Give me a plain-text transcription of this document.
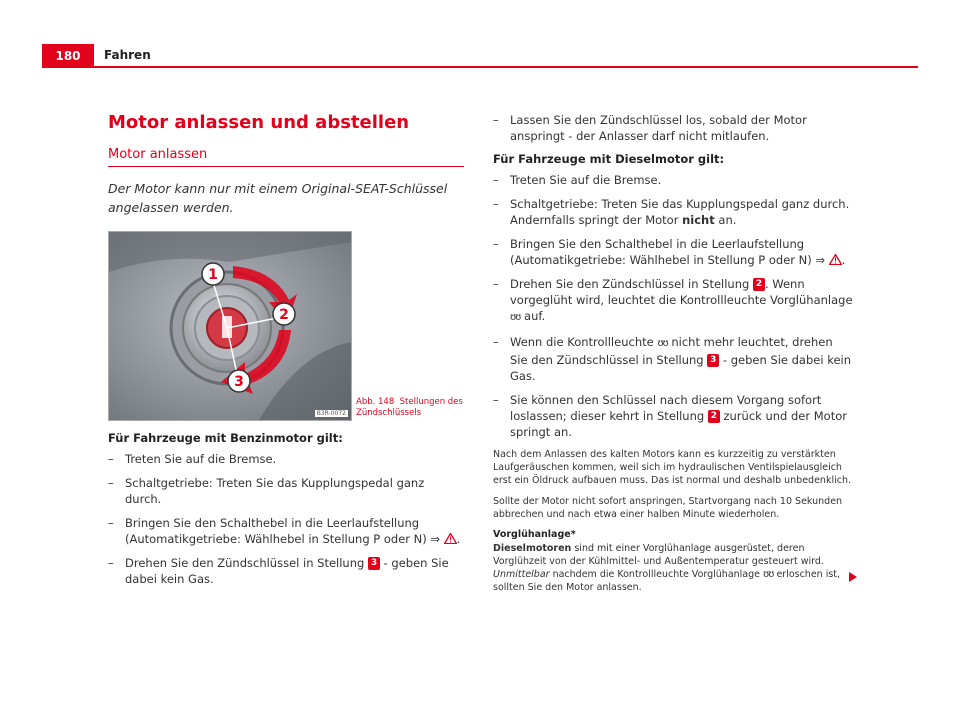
180	Fahren
Motor anlassen und abstellen
Motor anlassen

Der Motor kann nur mit einem Original-SEAT-Schlüssel angelassen werden.

1
2
3
B3R-0072
Abb. 148 Stellungen des Zündschlüssels

Für Fahrzeuge mit Benzinmotor gilt:

– Treten Sie auf die Bremse.
– Schaltgetriebe: Treten Sie das Kupplungspedal ganz durch.
– Bringen Sie den Schalthebel in die Leerlaufstellung (Automatikgetriebe: Wählhebel in Stellung P oder N) ⇒ .
– Drehen Sie den Zündschlüssel in Stellung 3 - geben Sie dabei kein Gas.
– Lassen Sie den Zündschlüssel los, sobald der Motor anspringt - der Anlasser darf nicht mitlaufen.

Für Fahrzeuge mit Dieselmotor gilt:

– Treten Sie auf die Bremse.
– Schaltgetriebe: Treten Sie das Kupplungspedal ganz durch. Andernfalls springt der Motor nicht an.
– Bringen Sie den Schalthebel in die Leerlaufstellung (Automatikgetriebe: Wählhebel in Stellung P oder N) ⇒ .
– Drehen Sie den Zündschlüssel in Stellung 2 . Wenn vorgeglüht wird, leuchtet die Kontrollleuchte Vorglühanlage ʊʊ auf.
– Wenn die Kontrollleuchte ʊʊ nicht mehr leuchtet, drehen Sie den Zündschlüssel in Stellung 3 - geben Sie dabei kein Gas.
– Sie können den Schlüssel nach diesem Vorgang sofort loslassen; dieser kehrt in Stellung 2 zurück und der Motor springt an.

Nach dem Anlassen des kalten Motors kann es kurzzeitig zu verstärkten Laufgeräuschen kommen, weil sich im hydraulischen Ventilspielausgleich erst ein Öldruck aufbauen muss. Das ist normal und deshalb unbedenklich.

Sollte der Motor nicht sofort anspringen, Startvorgang nach 10 Sekunden abbrechen und nach etwa einer halben Minute wiederholen.

Vorglühanlage*

Dieselmotoren sind mit einer Vorglühanlage ausgerüstet, deren Vorglühzeit von der Kühlmittel- und Außentemperatur gesteuert wird. Unmittelbar nachdem die Kontrollleuchte Vorglühanlage ʊʊ erloschen ist, sollten Sie den Motor anlassen.
